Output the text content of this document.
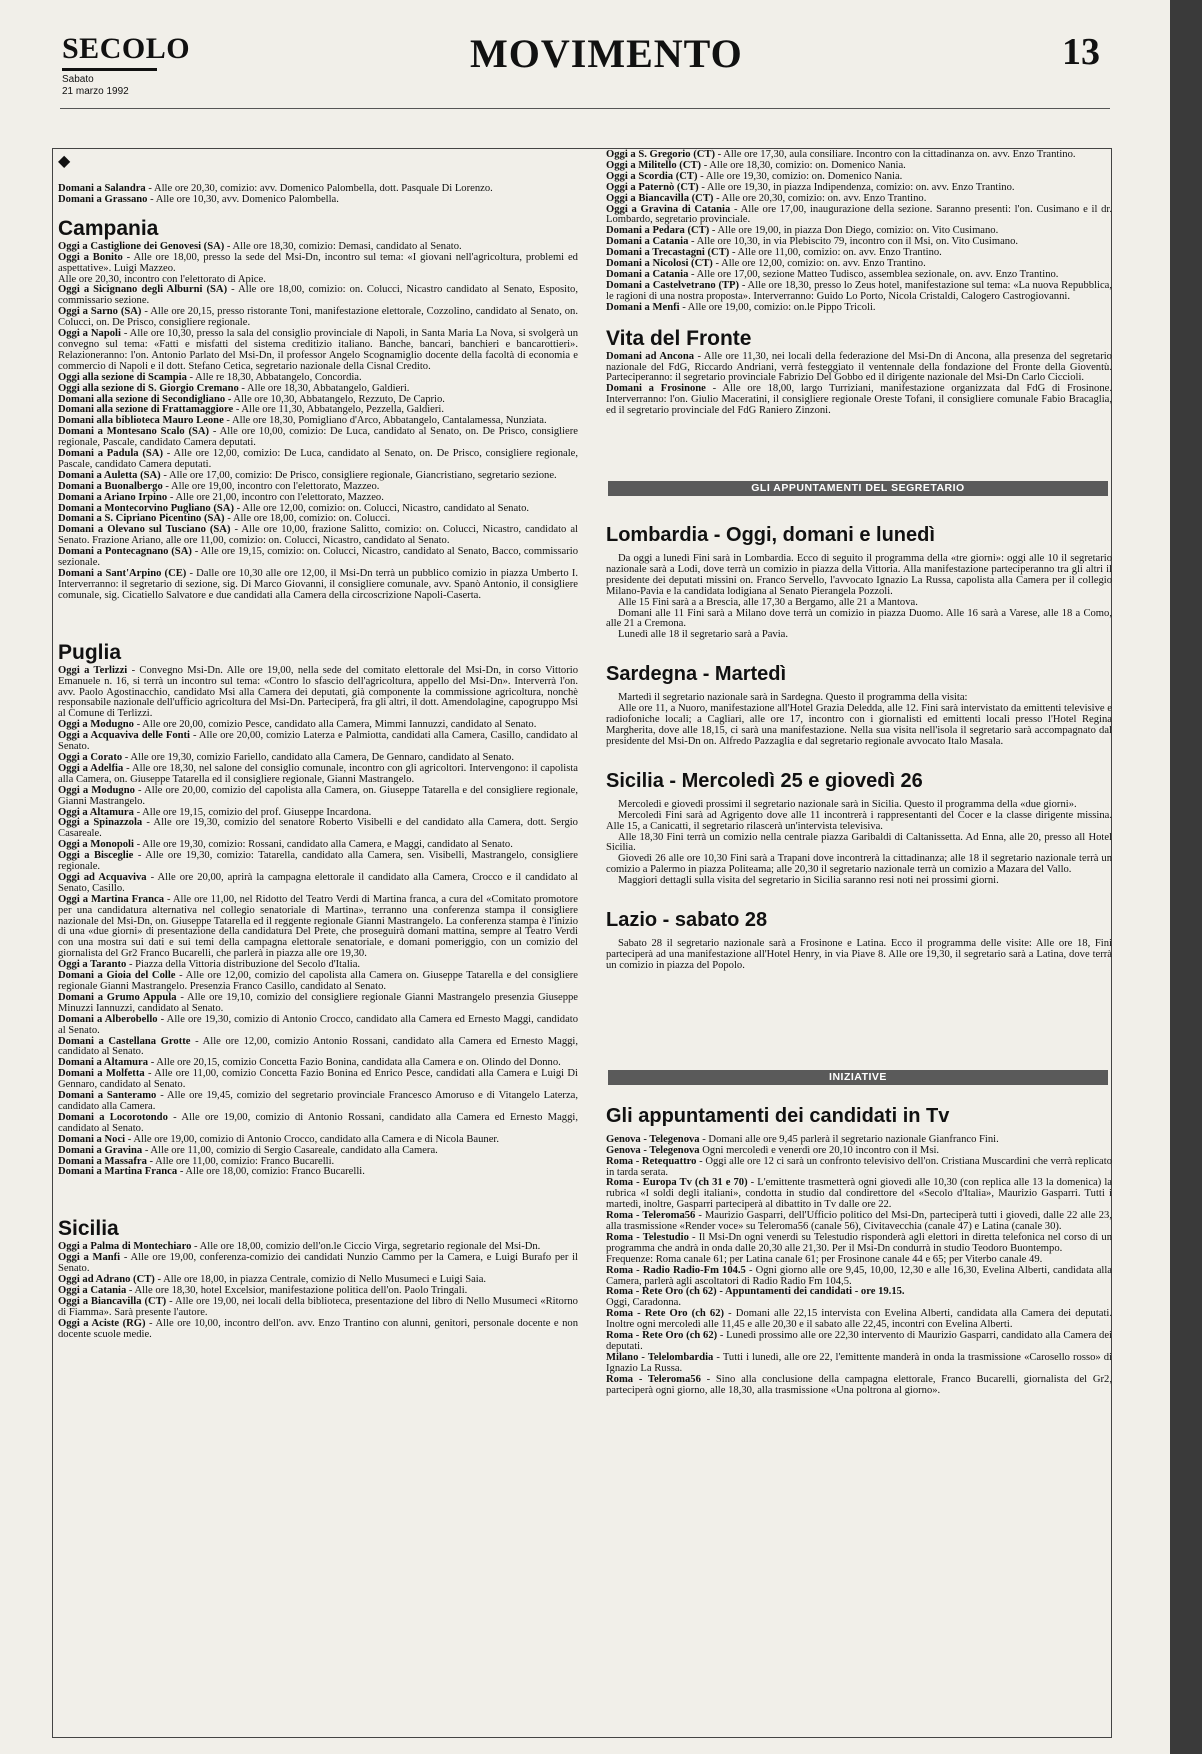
SECOLO
Sabato
21 marzo 1992
MOVIMENTO	13
◆

Domani a Salandra - Alle ore 20,30, comizio: avv. Domenico Palombella, dott. Pasquale Di Lorenzo.

Domani a Grassano - Alle ore 10,30, avv. Domenico Palombella.

Campania

Oggi a Castiglione dei Genovesi (SA) - Alle ore 18,30, comizio: Demasi, candidato al Senato.

Oggi a Bonito - Alle ore 18,00, presso la sede del Msi-Dn, incontro sul tema: «I giovani nell'agricoltura, problemi ed aspettative». Luigi Mazzeo.

Alle ore 20,30, incontro con l'elettorato di Apice.

Oggi a Sicignano degli Alburni (SA) - Alle ore 18,00, comizio: on. Colucci, Nicastro candidato al Senato, Esposito, commissario sezione.

Oggi a Sarno (SA) - Alle ore 20,15, presso ristorante Toni, manifestazione elettorale, Cozzolino, candidato al Senato, on. Colucci, on. De Prisco, consigliere regionale.

Oggi a Napoli - Alle ore 10,30, presso la sala del consiglio provinciale di Napoli, in Santa Maria La Nova, si svolgerà un convegno sul tema: «Fatti e misfatti del sistema creditizio italiano. Banche, bancari, banchieri e bancarottieri». Relazioneranno: l'on. Antonio Parlato del Msi-Dn, il professor Angelo Scognamiglio docente della facoltà di economia e commercio di Napoli e il dott. Stefano Cetica, segretario nazionale della Cisnal Credito.

Oggi alla sezione di Scampia - Alle re 18,30, Abbatangelo, Concordia.

Oggi alla sezione di S. Giorgio Cremano - Alle ore 18,30, Abbatangelo, Galdieri.

Domani alla sezione di Secondigliano - Alle ore 10,30, Abbatangelo, Rezzuto, De Caprio.

Domani alla sezione di Frattamaggiore - Alle ore 11,30, Abbatangelo, Pezzella, Galdieri.

Domani alla biblioteca Mauro Leone - Alle ore 18,30, Pomigliano d'Arco, Abbatangelo, Cantalamessa, Nunziata.

Domani a Montesano Scalo (SA) - Alle ore 10,00, comizio: De Luca, candidato al Senato, on. De Prisco, consigliere regionale, Pascale, candidato Camera deputati.

Domani a Padula (SA) - Alle ore 12,00, comizio: De Luca, candidato al Senato, on. De Prisco, consigliere regionale, Pascale, candidato Camera deputati.

Domani a Auletta (SA) - Alle ore 17,00, comizio: De Prisco, consigliere regionale, Giancristiano, segretario sezione.

Domani a Buonalbergo - Alle ore 19,00, incontro con l'elettorato, Mazzeo.

Domani a Ariano Irpino - Alle ore 21,00, incontro con l'elettorato, Mazzeo.

Domani a Montecorvino Pugliano (SA) - Alle ore 12,00, comizio: on. Colucci, Nicastro, candidato al Senato.

Domani a S. Cipriano Picentino (SA) - Alle ore 18,00, comizio: on. Colucci.

Domani a Olevano sul Tusciano (SA) - Alle ore 10,00, frazione Salitto, comizio: on. Colucci, Nicastro, candidato al Senato. Frazione Ariano, alle ore 11,00, comizio: on. Colucci, Nicastro, candidato al Senato.

Domani a Pontecagnano (SA) - Alle ore 19,15, comizio: on. Colucci, Nicastro, candidato al Senato, Bacco, commissario sezionale.

Domani a Sant'Arpino (CE) - Dalle ore 10,30 alle ore 12,00, il Msi-Dn terrà un pubblico comizio in piazza Umberto I. Interverranno: il segretario di sezione, sig. Di Marco Giovanni, il consigliere comunale, avv. Spanò Antonio, il consigliere comunale, sig. Cicatiello Salvatore e due candidati alla Camera della circoscrizione Napoli-Caserta.

Puglia

Oggi a Terlizzi - Convegno Msi-Dn. Alle ore 19,00, nella sede del comitato elettorale del Msi-Dn, in corso Vittorio Emanuele n. 16, si terrà un incontro sul tema: «Contro lo sfascio dell'agricoltura, appello del Msi-Dn». Interverrà l'on. avv. Paolo Agostinacchio, candidato Msi alla Camera dei deputati, già componente la commissione agricoltura, nonchè responsabile nazionale dell'ufficio agricoltura del Msi-Dn. Parteciperà, fra gli altri, il dott. Amendolagine, capogruppo Msi al Comune di Terlizzi.

Oggi a Modugno - Alle ore 20,00, comizio Pesce, candidato alla Camera, Mimmi Iannuzzi, candidato al Senato.

Oggi a Acquaviva delle Fonti - Alle ore 20,00, comizio Laterza e Palmiotta, candidati alla Camera, Casillo, candidato al Senato.

Oggi a Corato - Alle ore 19,30, comizio Fariello, candidato alla Camera, De Gennaro, candidato al Senato.

Oggi a Adelfia - Alle ore 18,30, nel salone del consiglio comunale, incontro con gli agricoltori. Intervengono: il capolista alla Camera, on. Giuseppe Tatarella ed il consigliere regionale, Gianni Mastrangelo.

Oggi a Modugno - Alle ore 20,00, comizio del capolista alla Camera, on. Giuseppe Tatarella e del consigliere regionale, Gianni Mastrangelo.

Oggi a Altamura - Alle ore 19,15, comizio del prof. Giuseppe Incardona.

Oggi a Spinazzola - Alle ore 19,30, comizio del senatore Roberto Visibelli e del candidato alla Camera, dott. Sergio Casareale.

Oggi a Monopoli - Alle ore 19,30, comizio: Rossani, candidato alla Camera, e Maggi, candidato al Senato.

Oggi a Bisceglie - Alle ore 19,30, comizio: Tatarella, candidato alla Camera, sen. Visibelli, Mastrangelo, consigliere regionale.

Oggi ad Acquaviva - Alle ore 20,00, aprirà la campagna elettorale il candidato alla Camera, Crocco e il candidato al Senato, Casillo.

Oggi a Martina Franca - Alle ore 11,00, nel Ridotto del Teatro Verdi di Martina franca, a cura del «Comitato promotore per una candidatura alternativa nel collegio senatoriale di Martina», terranno una conferenza stampa il consigliere nazionale del Msi-Dn, on. Giuseppe Tatarella ed il reggente regionale Gianni Mastrangelo. La conferenza stampa è l'inizio di una «due giorni» di presentazione della candidatura Del Prete, che proseguirà domani mattina, sempre al Teatro Verdi con una mostra sui dati e sui temi della campagna elettorale senatoriale, e domani pomeriggio, con un comizio del giornalista del Gr2 Franco Bucarelli, che parlerà in piazza alle ore 19,30.

Oggi a Taranto - Piazza della Vittoria distribuzione del Secolo d'Italia.

Domani a Gioia del Colle - Alle ore 12,00, comizio del capolista alla Camera on. Giuseppe Tatarella e del consigliere regionale Gianni Mastrangelo. Presenzia Franco Casillo, candidato al Senato.

Domani a Grumo Appula - Alle ore 19,10, comizio del consigliere regionale Gianni Mastrangelo presenzia Giuseppe Minuzzi Iannuzzi, candidato al Senato.

Domani a Alberobello - Alle ore 19,30, comizio di Antonio Crocco, candidato alla Camera ed Ernesto Maggi, candidato al Senato.

Domani a Castellana Grotte - Alle ore 12,00, comizio Antonio Rossani, candidato alla Camera ed Ernesto Maggi, candidato al Senato.

Domani a Altamura - Alle ore 20,15, comizio Concetta Fazio Bonina, candidata alla Camera e on. Olindo del Donno.

Domani a Molfetta - Alle ore 11,00, comizio Concetta Fazio Bonina ed Enrico Pesce, candidati alla Camera e Luigi Di Gennaro, candidato al Senato.

Domani a Santeramo - Alle ore 19,45, comizio del segretario provinciale Francesco Amoruso e di Vitangelo Laterza, candidato alla Camera.

Domani a Locorotondo - Alle ore 19,00, comizio di Antonio Rossani, candidato alla Camera ed Ernesto Maggi, candidato al Senato.

Domani a Noci - Alle ore 19,00, comizio di Antonio Crocco, candidato alla Camera e di Nicola Bauner.

Domani a Gravina - Alle ore 11,00, comizio di Sergio Casareale, candidato alla Camera.

Domani a Massafra - Alle ore 11,00, comizio: Franco Bucarelli.

Domani a Martina Franca - Alle ore 18,00, comizio: Franco Bucarelli.

Sicilia

Oggi a Palma di Montechiaro - Alle ore 18,00, comizio dell'on.le Ciccio Virga, segretario regionale del Msi-Dn.

Oggi a Manfi - Alle ore 19,00, conferenza-comizio dei candidati Nunzio Cammo per la Camera, e Luigi Burafo per il Senato.

Oggi ad Adrano (CT) - Alle ore 18,00, in piazza Centrale, comizio di Nello Musumeci e Luigi Saia.

Oggi a Catania - Alle ore 18,30, hotel Excelsior, manifestazione politica dell'on. Paolo Tringali.

Oggi a Biancavilla (CT) - Alle ore 19,00, nei locali della biblioteca, presentazione del libro di Nello Musumeci «Ritorno di Fiamma». Sarà presente l'autore.

Oggi a Aciste (RG) - Alle ore 10,00, incontro dell'on. avv. Enzo Trantino con alunni, genitori, personale docente e non docente scuole medie.

Oggi a S. Gregorio (CT) - Alle ore 17,30, aula consiliare. Incontro con la cittadinanza on. avv. Enzo Trantino.

Oggi a Militello (CT) - Alle ore 18,30, comizio: on. Domenico Nania.

Oggi a Scordia (CT) - Alle ore 19,30, comizio: on. Domenico Nania.

Oggi a Paternò (CT) - Alle ore 19,30, in piazza Indipendenza, comizio: on. avv. Enzo Trantino.

Oggi a Biancavilla (CT) - Alle ore 20,30, comizio: on. avv. Enzo Trantino.

Oggi a Gravina di Catania - Alle ore 17,00, inaugurazione della sezione. Saranno presenti: l'on. Cusimano e il dr. Lombardo, segretario provinciale.

Domani a Pedara (CT) - Alle ore 19,00, in piazza Don Diego, comizio: on. Vito Cusimano.

Domani a Catania - Alle ore 10,30, in via Plebiscito 79, incontro con il Msi, on. Vito Cusimano.

Domani a Trecastagni (CT) - Alle ore 11,00, comizio: on. avv. Enzo Trantino.

Domani a Nicolosi (CT) - Alle ore 12,00, comizio: on. avv. Enzo Trantino.

Domani a Catania - Alle ore 17,00, sezione Matteo Tudisco, assemblea sezionale, on. avv. Enzo Trantino.

Domani a Castelvetrano (TP) - Alle ore 18,30, presso lo Zeus hotel, manifestazione sul tema: «La nuova Repubblica, le ragioni di una nostra proposta». Interverranno: Guido Lo Porto, Nicola Cristaldi, Calogero Castrogiovanni.

Domani a Menfi - Alle ore 19,00, comizio: on.le Pippo Tricoli.

Vita del Fronte

Domani ad Ancona - Alle ore 11,30, nei locali della federazione del Msi-Dn di Ancona, alla presenza del segretario nazionale del FdG, Riccardo Andriani, verrà festeggiato il ventennale della fondazione del Fronte della Gioventù. Parteciperanno: il segretario provinciale Fabrizio Del Gobbo ed il dirigente nazionale del Msi-Dn Carlo Ciccioli.

Domani a Frosinone - Alle ore 18,00, largo Turriziani, manifestazione organizzata dal FdG di Frosinone. Interverranno: l'on. Giulio Maceratini, il consigliere regionale Oreste Tofani, il consigliere comunale Fabio Bracaglia, ed il segretario provinciale del FdG Raniero Zinzoni.

GLI APPUNTAMENTI DEL SEGRETARIO
Lombardia - Oggi, domani e lunedì

Da oggi a lunedì Fini sarà in Lombardia. Ecco di seguito il programma della «tre giorni»: oggi alle 10 il segretario nazionale sarà a Lodi, dove terrà un comizio in piazza della Vittoria. Alla manifestazione parteciperanno tra gli altri il presidente dei deputati missini on. Franco Servello, l'avvocato Ignazio La Russa, capolista alla Camera per il collegio Milano-Pavia e la candidata lodigiana al Senato Pierangela Pozzoli.

Alle 15 Fini sarà a a Brescia, alle 17,30 a Bergamo, alle 21 a Mantova.

Domani alle 11 Fini sarà a Milano dove terrà un comizio in piazza Duomo. Alle 16 sarà a Varese, alle 18 a Como, alle 21 a Cremona.

Lunedì alle 18 il segretario sarà a Pavia.

Sardegna - Martedì

Martedì il segretario nazionale sarà in Sardegna. Questo il programma della visita:

Alle ore 11, a Nuoro, manifestazione all'Hotel Grazia Deledda, alle 12. Fini sarà intervistato da emittenti televisive e radiofoniche locali; a Cagliari, alle ore 17, incontro con i giornalisti ed emittenti locali presso l'Hotel Regina Margherita, dove alle 18,15, ci sarà una manifestazione. Nella sua visita nell'isola il segretario sarà accompagnato dal presidente del Msi-Dn on. Alfredo Pazzaglia e dal segretario regionale avvocato Italo Masala.

Sicilia - Mercoledì 25 e giovedì 26

Mercoledì e giovedì prossimi il segretario nazionale sarà in Sicilia. Questo il programma della «due giorni».

Mercoledì Fini sarà ad Agrigento dove alle 11 incontrerà i rappresentanti del Cocer e la classe dirigente missina. Alle 15, a Canicattì, il segretario rilascerà un'intervista televisiva.

Alle 18,30 Fini terrà un comizio nella centrale piazza Garibaldi di Caltanissetta. Ad Enna, alle 20, presso all Hotel Sicilia.

Giovedì 26 alle ore 10,30 Fini sarà a Trapani dove incontrerà la cittadinanza; alle 18 il segretario nazionale terrà un comizio a Palermo in piazza Politeama; alle 20,30 il segretario nazionale terrà un comizio a Mazara del Vallo.

Maggiori dettagli sulla visita del segretario in Sicilia saranno resi noti nei prossimi giorni.

Lazio - sabato 28

Sabato 28 il segretario nazionale sarà a Frosinone e Latina. Ecco il programma delle visite: Alle ore 18, Fini parteciperà ad una manifestazione all'Hotel Henry, in via Piave 8. Alle ore 19,30, il segretario sarà a Latina, dove terrà un comizio in piazza del Popolo.

INIZIATIVE
Gli appuntamenti dei candidati in Tv

Genova - Telegenova - Domani alle ore 9,45 parlerà il segretario nazionale Gianfranco Fini.

Genova - Telegenova Ogni mercoledì e venerdì ore 20,10 incontro con il Msi.

Roma - Retequattro - Oggi alle ore 12 ci sarà un confronto televisivo dell'on. Cristiana Muscardini che verrà replicato in tarda serata.

Roma - Europa Tv (ch 31 e 70) - L'emittente trasmetterà ogni giovedì alle 10,30 (con replica alle 13 la domenica) la rubrica «I soldi degli italiani», condotta in studio dal condirettore del «Secolo d'Italia», Maurizio Gasparri. Tutti i martedì, inoltre, Gasparri parteciperà al dibattito in Tv dalle ore 22.

Roma - Teleroma56 - Maurizio Gasparri, dell'Ufficio politico del Msi-Dn, parteciperà tutti i giovedì, dalle 22 alle 23, alla trasmissione «Render voce» su Teleroma56 (canale 56), Civitavecchia (canale 47) e Latina (canale 30).

Roma - Telestudio - Il Msi-Dn ogni venerdì su Telestudio risponderà agli elettori in diretta telefonica nel corso di un programma che andrà in onda dalle 20,30 alle 21,30. Per il Msi-Dn condurrà in studio Teodoro Buontempo.

Frequenze: Roma canale 61; per Latina canale 61; per Frosinone canale 44 e 65; per Viterbo canale 49.

Roma - Radio Radio-Fm 104.5 - Ogni giorno alle ore 9,45, 10,00, 12,30 e alle 16,30, Evelina Alberti, candidata alla Camera, parlerà agli ascoltatori di Radio Radio Fm 104,5.

Roma - Rete Oro (ch 62) - Appuntamenti dei candidati - ore 19.15.

Oggi, Caradonna.

Roma - Rete Oro (ch 62) - Domani alle 22,15 intervista con Evelina Alberti, candidata alla Camera dei deputati. Inoltre ogni mercoledì alle 11,45 e alle 20,30 e il sabato alle 22,45, incontri con Evelina Alberti.

Roma - Rete Oro (ch 62) - Lunedì prossimo alle ore 22,30 intervento di Maurizio Gasparri, candidato alla Camera dei deputati.

Milano - Telelombardia - Tutti i lunedì, alle ore 22, l'emittente manderà in onda la trasmissione «Carosello rosso» di Ignazio La Russa.

Roma - Teleroma56 - Sino alla conclusione della campagna elettorale, Franco Bucarelli, giornalista del Gr2, parteciperà ogni giorno, alle 18,30, alla trasmissione «Una poltrona al giorno».
